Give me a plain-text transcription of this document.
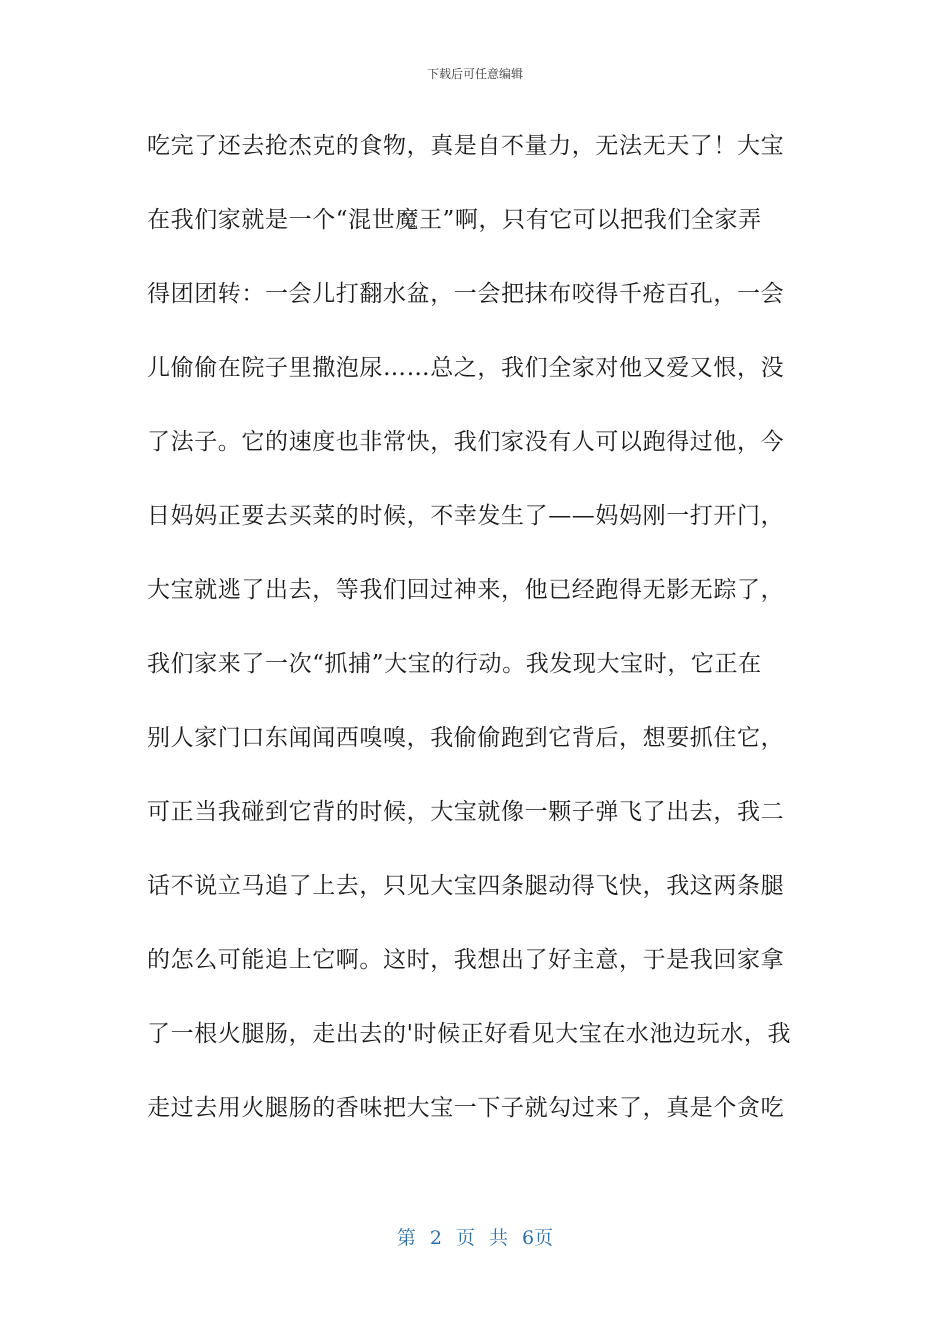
下载后可任意编辑
吃完了还去抢杰克的食物，真是自不量力，无法无天了！大宝
在我们家就是一个“混世魔王”啊，只有它可以把我们全家弄
得团团转：一会儿打翻水盆，一会把抹布咬得千疮百孔，一会
儿偷偷在院子里撒泡尿……总之，我们全家对他又爱又恨，没
了法子。它的速度也非常快，我们家没有人可以跑得过他，今
日妈妈正要去买菜的时候，不幸发生了——妈妈刚一打开门，
大宝就逃了出去，等我们回过神来，他已经跑得无影无踪了，
我们家来了一次“抓捕”大宝的行动。我发现大宝时，它正在
别人家门口东闻闻西嗅嗅，我偷偷跑到它背后，想要抓住它，
可正当我碰到它背的时候，大宝就像一颗子弹飞了出去，我二
话不说立马追了上去，只见大宝四条腿动得飞快，我这两条腿
的怎么可能追上它啊。这时，我想出了好主意，于是我回家拿
了一根火腿肠，走出去的'时候正好看见大宝在水池边玩水，我
走过去用火腿肠的香味把大宝一下子就勾过来了，真是个贪吃
第 2 页 共 6页
